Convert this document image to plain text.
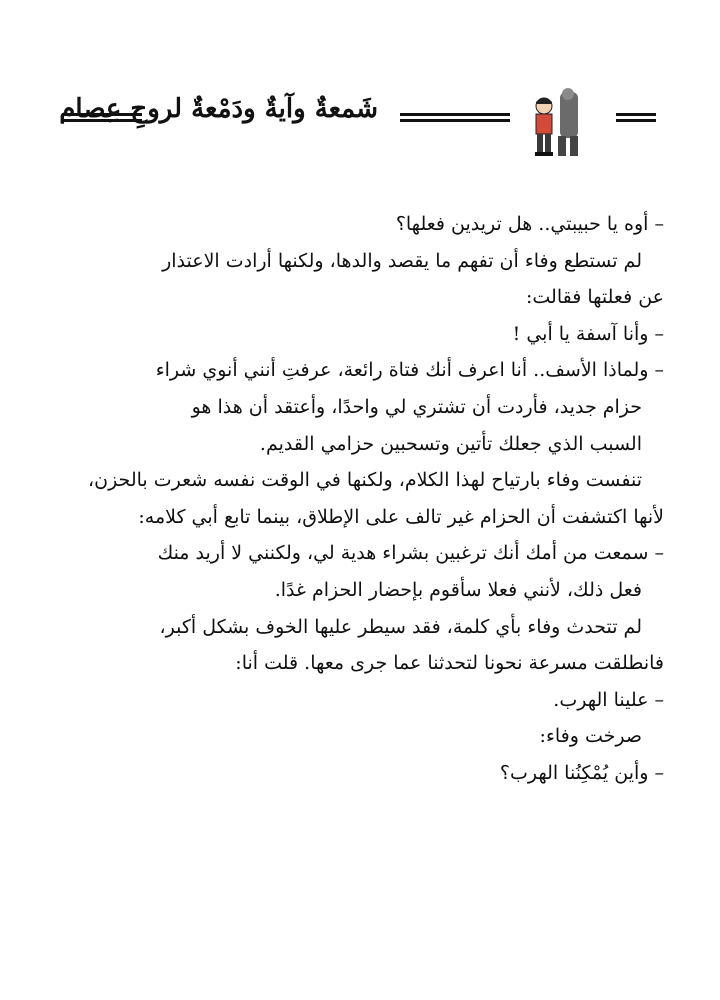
شَمعةٌ وآيةٌ ودَمْعةٌ لروحِ عِصام
– أوه يا حبيبتي.. هل تريدين فعلها؟
لم تستطع وفاء أن تفهم ما يقصد والدها، ولكنها أرادت الاعتذار
عن فعلتها فقالت:
– وأنا آسفة يا أبي !
– ولماذا الأسف.. أنا اعرف أنك فتاة رائعة، عرفتِ أنني أنوي شراء
حزام جديد، فأردت أن تشتري لي واحدًا، وأعتقد أن هذا هو
السبب الذي جعلك تأتين وتسحبين حزامي القديم.
تنفست وفاء بارتياح لهذا الكلام، ولكنها في الوقت نفسه شعرت بالحزن،
لأنها اكتشفت أن الحزام غير تالف على الإطلاق، بينما تابع أبي كلامه:
– سمعت من أمك أنك ترغبين بشراء هدية لي، ولكنني لا أريد منك
فعل ذلك، لأنني فعلا سأقوم بإحضار الحزام غدًا.
لم تتحدث وفاء بأي كلمة، فقد سيطر عليها الخوف بشكل أكبر،
فانطلقت مسرعة نحونا لتحدثنا عما جرى معها. قلت أنا:
– علينا الهرب.
صرخت وفاء:
– وأين يُمْكِنُنا الهرب؟
